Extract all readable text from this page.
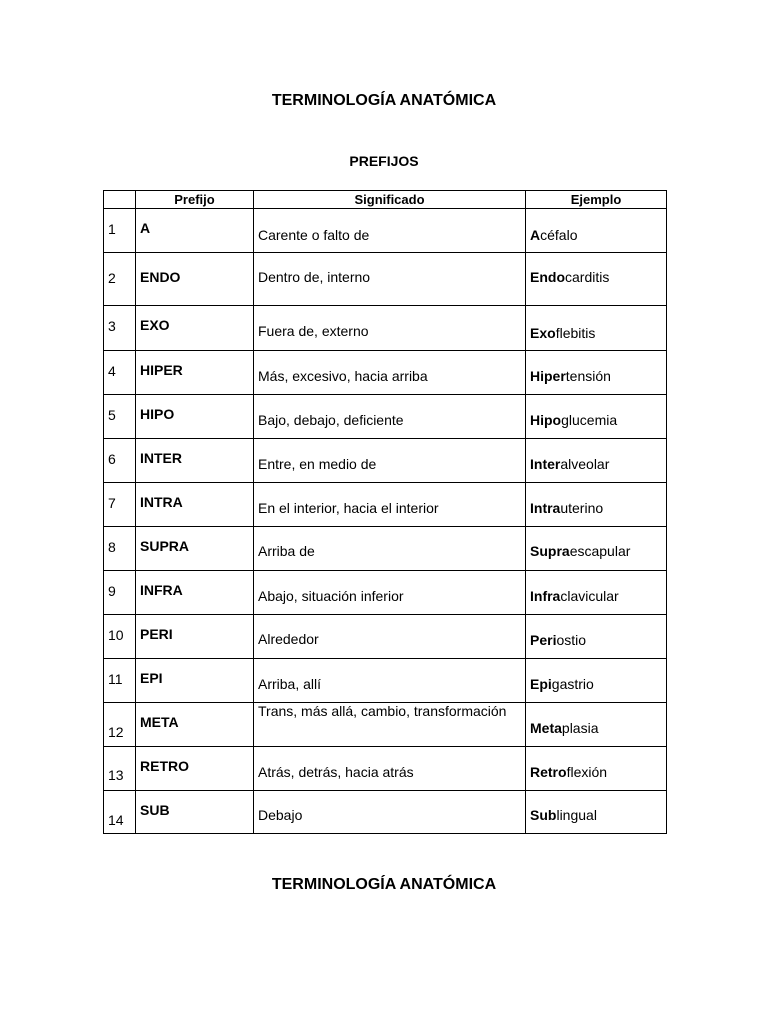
TERMINOLOGÍA ANATÓMICA
PREFIJOS
	Prefijo	Significado	Ejemplo

1	A	Carente o falto de	Acéfalo

2	ENDO	Dentro de, interno	Endocarditis

3	EXO	Fuera de, externo	Exoflebitis

4	HIPER	Más, excesivo, hacia arriba	Hipertensión

5	HIPO	Bajo, debajo, deficiente	Hipoglucemia

6	INTER	Entre, en medio de	Interalveolar

7	INTRA	En el interior, hacia el interior	Intrauterino

8	SUPRA	Arriba de	Supraescapular

9	INFRA	Abajo, situación inferior	Infraclavicular

10	PERI	Alrededor	Periostio

11	EPI	Arriba, allí	Epigastrio

12	META	Trans, más allá, cambio, transformación	Metaplasia

13	RETRO	Atrás, detrás, hacia atrás	Retroflexión

14	SUB	Debajo	Sublingual
TERMINOLOGÍA ANATÓMICA
